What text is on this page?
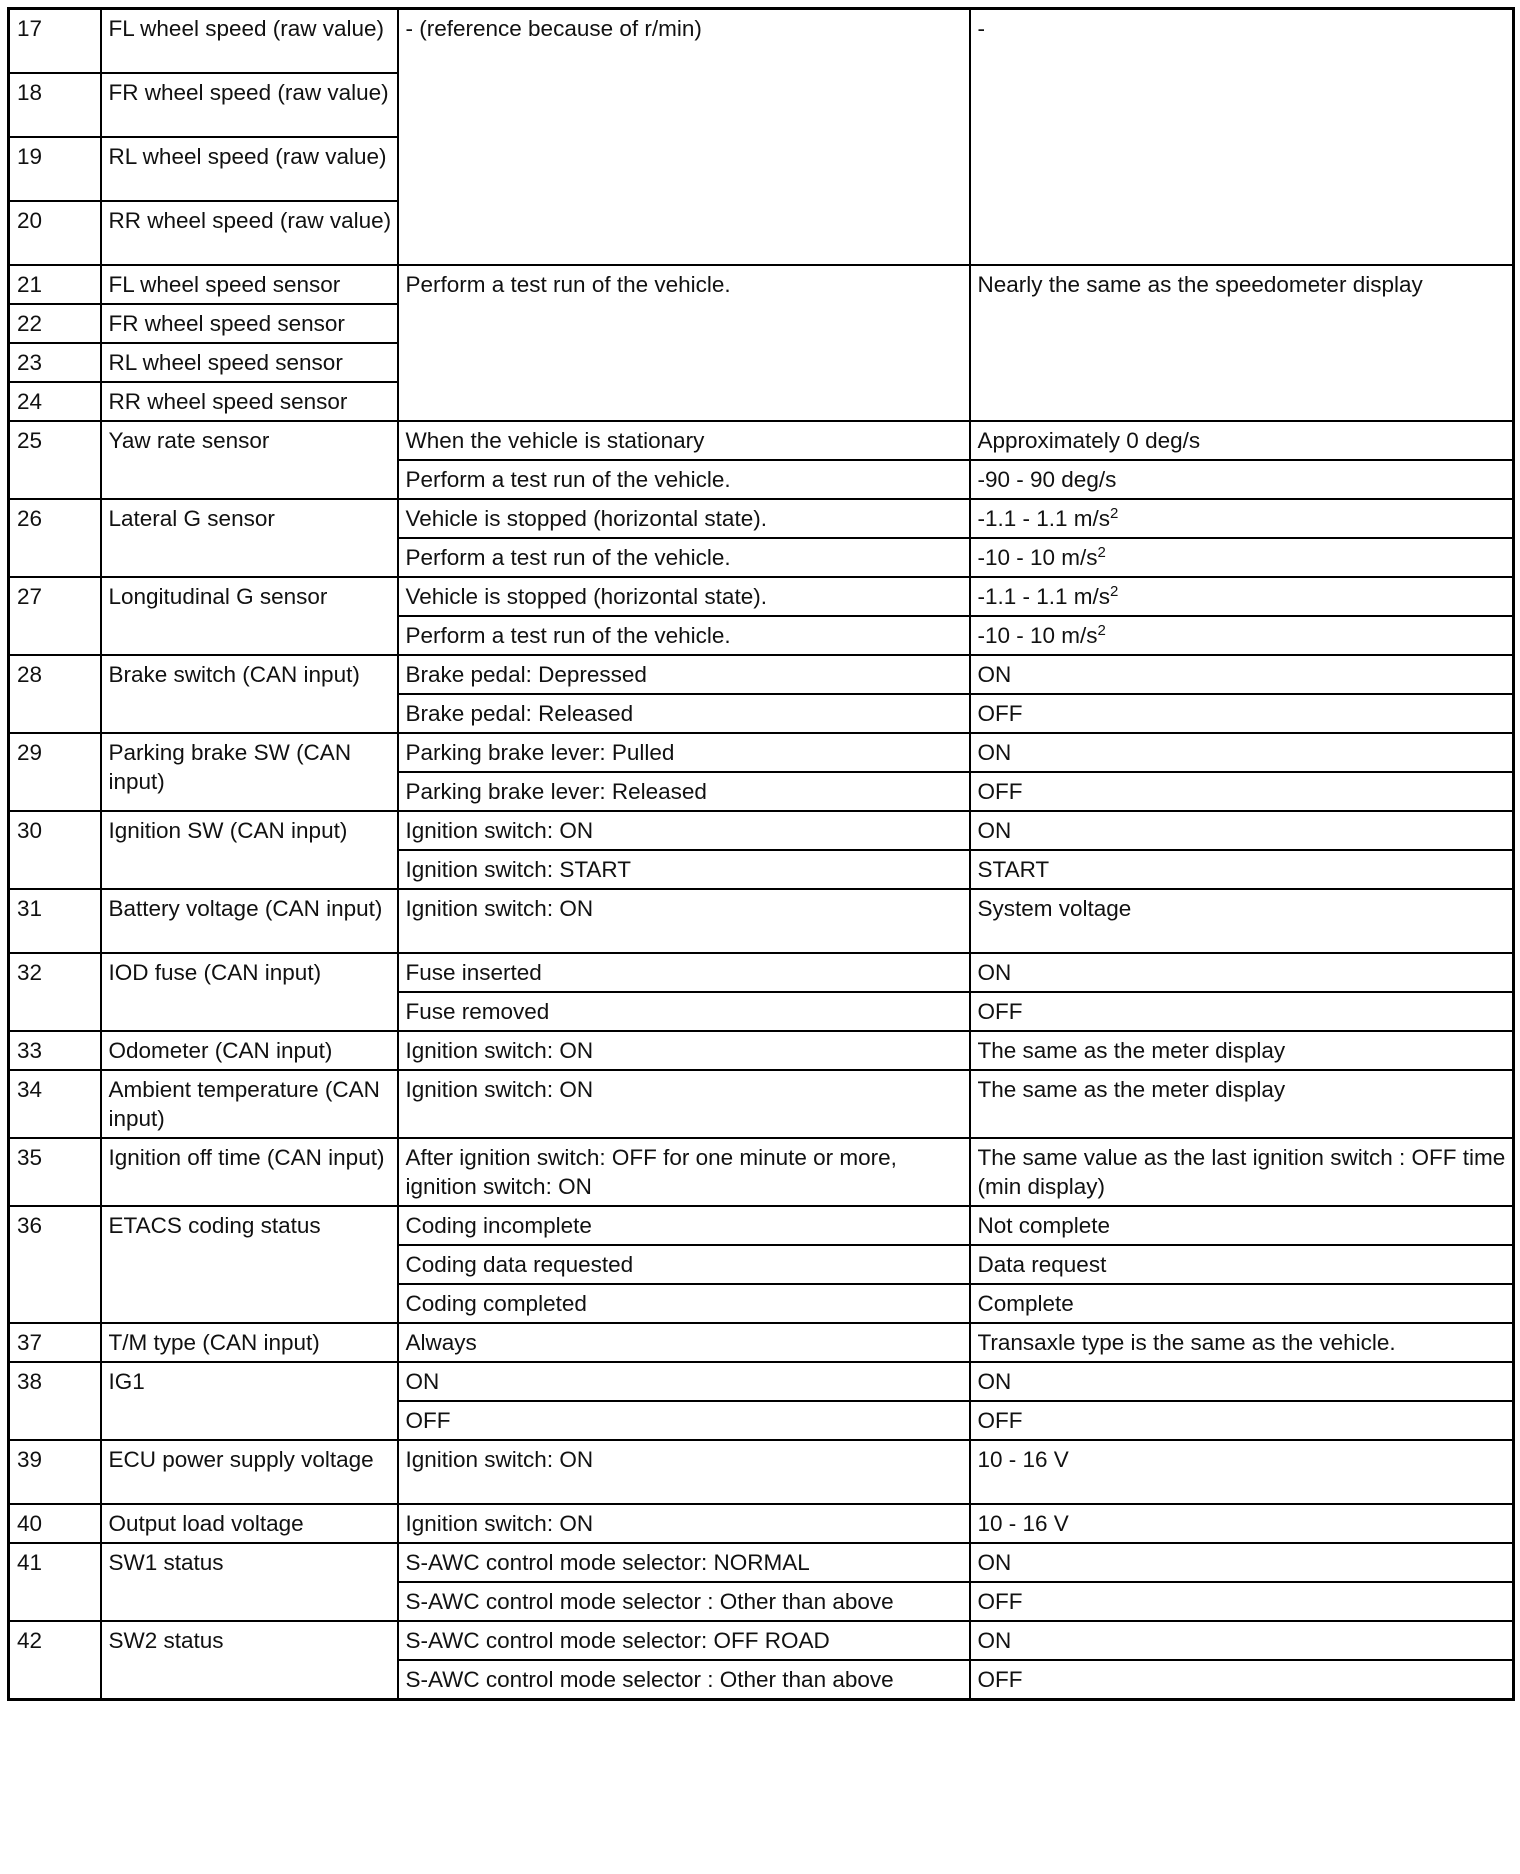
17	FL wheel speed (raw value)	- (reference because of r/min)	-
18	FR wheel speed (raw value)		
19	RL wheel speed (raw value)		
20	RR wheel speed (raw value)		
21	FL wheel speed sensor	Perform a test run of the vehicle.	Nearly the same as the speedometer display
22	FR wheel speed sensor		
23	RL wheel speed sensor		
24	RR wheel speed sensor		
25	Yaw rate sensor	When the vehicle is stationary	Approximately 0 deg/s
		Perform a test run of the vehicle.	-90 - 90 deg/s
26	Lateral G sensor	Vehicle is stopped (horizontal state).	-1.1 - 1.1 $m/s^2$
		Perform a test run of the vehicle.	-10 - 10 $m/s^2$
27	Longitudinal G sensor	Vehicle is stopped (horizontal state).	-1.1 - 1.1 $m/s^2$
		Perform a test run of the vehicle.	-10 - 10 $m/s^2$
28	Brake switch (CAN input)	Brake pedal: Depressed	ON
		Brake pedal: Released	OFF
29	Parking brake SW (CAN input)	Parking brake lever: Pulled	ON
		Parking brake lever: Released	OFF
30	Ignition SW (CAN input)	Ignition switch: ON	ON
		Ignition switch: START	START
31	Battery voltage (CAN input)	Ignition switch: ON	System voltage
32	IOD fuse (CAN input)	Fuse inserted	ON
		Fuse removed	OFF
33	Odometer (CAN input)	Ignition switch: ON	The same as the meter display
34	Ambient temperature (CAN input)	Ignition switch: ON	The same as the meter display
35	Ignition off time (CAN input)	After ignition switch: OFF for one minute or more, ignition switch: ON	The same value as the last ignition switch : OFF time (min display)
36	ETACS coding status	Coding incomplete	Not complete
		Coding data requested	Data request
		Coding completed	Complete
37	T/M type (CAN input)	Always	Transaxle type is the same as the vehicle.
38	IG1	ON	ON
		OFF	OFF
39	ECU power supply voltage	Ignition switch: ON	10 - 16 V
40	Output load voltage	Ignition switch: ON	10 - 16 V
41	SW1 status	S-AWC control mode selector: NORMAL	ON
		S-AWC control mode selector : Other than above	OFF
42	SW2 status	S-AWC control mode selector: OFF ROAD	ON
		S-AWC control mode selector : Other than above	OFF
